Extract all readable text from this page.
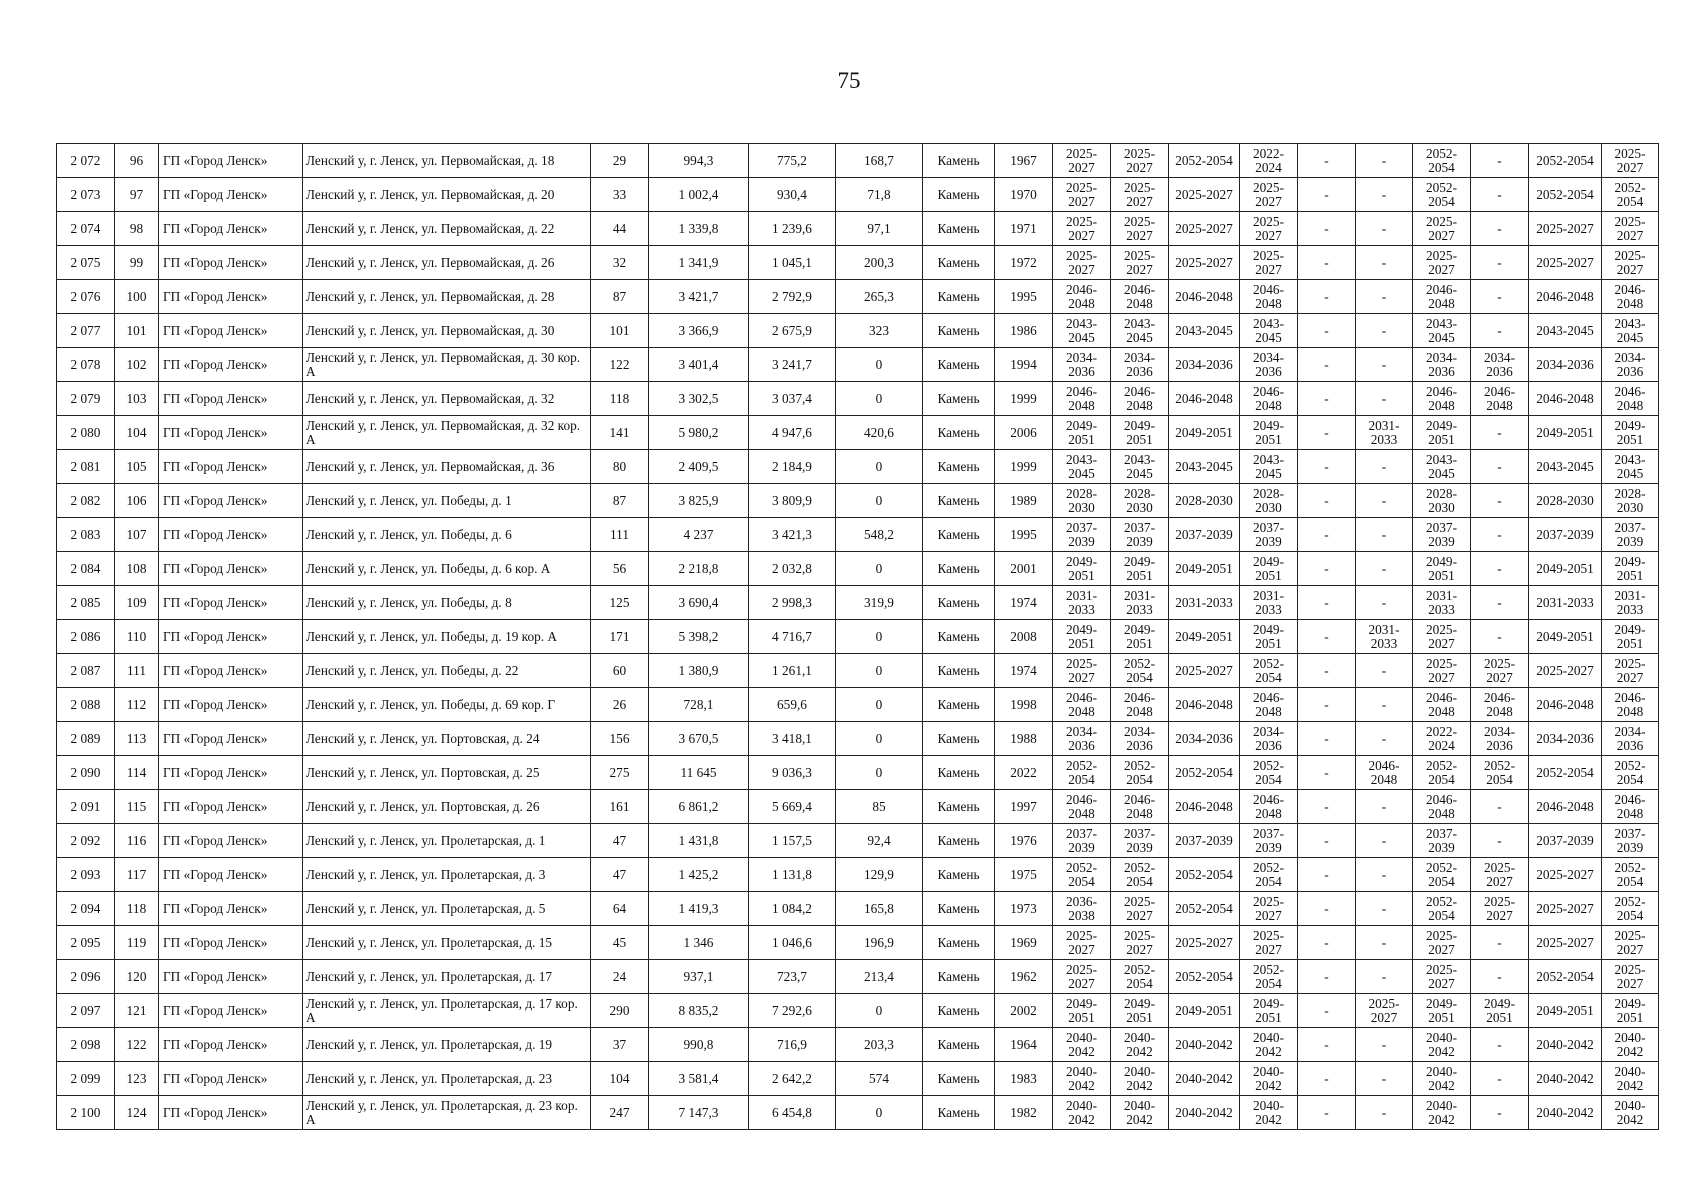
75
2 072	96	ГП «Город Ленск»	Ленский у, г. Ленск, ул. Первомайская, д. 18	29	994,3	775,2	168,7	Камень	1967	2025-2027	2025-2027	2052-2054	2022-2024	-	-	2052-2054	-	2052-2054	2025-2027
2 073	97	ГП «Город Ленск»	Ленский у, г. Ленск, ул. Первомайская, д. 20	33	1 002,4	930,4	71,8	Камень	1970	2025-2027	2025-2027	2025-2027	2025-2027	-	-	2052-2054	-	2052-2054	2052-2054
2 074	98	ГП «Город Ленск»	Ленский у, г. Ленск, ул. Первомайская, д. 22	44	1 339,8	1 239,6	97,1	Камень	1971	2025-2027	2025-2027	2025-2027	2025-2027	-	-	2025-2027	-	2025-2027	2025-2027
2 075	99	ГП «Город Ленск»	Ленский у, г. Ленск, ул. Первомайская, д. 26	32	1 341,9	1 045,1	200,3	Камень	1972	2025-2027	2025-2027	2025-2027	2025-2027	-	-	2025-2027	-	2025-2027	2025-2027
2 076	100	ГП «Город Ленск»	Ленский у, г. Ленск, ул. Первомайская, д. 28	87	3 421,7	2 792,9	265,3	Камень	1995	2046-2048	2046-2048	2046-2048	2046-2048	-	-	2046-2048	-	2046-2048	2046-2048
2 077	101	ГП «Город Ленск»	Ленский у, г. Ленск, ул. Первомайская, д. 30	101	3 366,9	2 675,9	323	Камень	1986	2043-2045	2043-2045	2043-2045	2043-2045	-	-	2043-2045	-	2043-2045	2043-2045
2 078	102	ГП «Город Ленск»	Ленский у, г. Ленск, ул. Первомайская, д. 30 кор. А	122	3 401,4	3 241,7	0	Камень	1994	2034-2036	2034-2036	2034-2036	2034-2036	-	-	2034-2036	2034-2036	2034-2036	2034-2036
2 079	103	ГП «Город Ленск»	Ленский у, г. Ленск, ул. Первомайская, д. 32	118	3 302,5	3 037,4	0	Камень	1999	2046-2048	2046-2048	2046-2048	2046-2048	-	-	2046-2048	2046-2048	2046-2048	2046-2048
2 080	104	ГП «Город Ленск»	Ленский у, г. Ленск, ул. Первомайская, д. 32 кор. А	141	5 980,2	4 947,6	420,6	Камень	2006	2049-2051	2049-2051	2049-2051	2049-2051	-	2031-2033	2049-2051	-	2049-2051	2049-2051
2 081	105	ГП «Город Ленск»	Ленский у, г. Ленск, ул. Первомайская, д. 36	80	2 409,5	2 184,9	0	Камень	1999	2043-2045	2043-2045	2043-2045	2043-2045	-	-	2043-2045	-	2043-2045	2043-2045
2 082	106	ГП «Город Ленск»	Ленский у, г. Ленск, ул. Победы, д. 1	87	3 825,9	3 809,9	0	Камень	1989	2028-2030	2028-2030	2028-2030	2028-2030	-	-	2028-2030	-	2028-2030	2028-2030
2 083	107	ГП «Город Ленск»	Ленский у, г. Ленск, ул. Победы, д. 6	111	4 237	3 421,3	548,2	Камень	1995	2037-2039	2037-2039	2037-2039	2037-2039	-	-	2037-2039	-	2037-2039	2037-2039
2 084	108	ГП «Город Ленск»	Ленский у, г. Ленск, ул. Победы, д. 6 кор. А	56	2 218,8	2 032,8	0	Камень	2001	2049-2051	2049-2051	2049-2051	2049-2051	-	-	2049-2051	-	2049-2051	2049-2051
2 085	109	ГП «Город Ленск»	Ленский у, г. Ленск, ул. Победы, д. 8	125	3 690,4	2 998,3	319,9	Камень	1974	2031-2033	2031-2033	2031-2033	2031-2033	-	-	2031-2033	-	2031-2033	2031-2033
2 086	110	ГП «Город Ленск»	Ленский у, г. Ленск, ул. Победы, д. 19 кор. А	171	5 398,2	4 716,7	0	Камень	2008	2049-2051	2049-2051	2049-2051	2049-2051	-	2031-2033	2025-2027	-	2049-2051	2049-2051
2 087	111	ГП «Город Ленск»	Ленский у, г. Ленск, ул. Победы, д. 22	60	1 380,9	1 261,1	0	Камень	1974	2025-2027	2052-2054	2025-2027	2052-2054	-	-	2025-2027	2025-2027	2025-2027	2025-2027
2 088	112	ГП «Город Ленск»	Ленский у, г. Ленск, ул. Победы, д. 69 кор. Г	26	728,1	659,6	0	Камень	1998	2046-2048	2046-2048	2046-2048	2046-2048	-	-	2046-2048	2046-2048	2046-2048	2046-2048
2 089	113	ГП «Город Ленск»	Ленский у, г. Ленск, ул. Портовская, д. 24	156	3 670,5	3 418,1	0	Камень	1988	2034-2036	2034-2036	2034-2036	2034-2036	-	-	2022-2024	2034-2036	2034-2036	2034-2036
2 090	114	ГП «Город Ленск»	Ленский у, г. Ленск, ул. Портовская, д. 25	275	11 645	9 036,3	0	Камень	2022	2052-2054	2052-2054	2052-2054	2052-2054	-	2046-2048	2052-2054	2052-2054	2052-2054	2052-2054
2 091	115	ГП «Город Ленск»	Ленский у, г. Ленск, ул. Портовская, д. 26	161	6 861,2	5 669,4	85	Камень	1997	2046-2048	2046-2048	2046-2048	2046-2048	-	-	2046-2048	-	2046-2048	2046-2048
2 092	116	ГП «Город Ленск»	Ленский у, г. Ленск, ул. Пролетарская, д. 1	47	1 431,8	1 157,5	92,4	Камень	1976	2037-2039	2037-2039	2037-2039	2037-2039	-	-	2037-2039	-	2037-2039	2037-2039
2 093	117	ГП «Город Ленск»	Ленский у, г. Ленск, ул. Пролетарская, д. 3	47	1 425,2	1 131,8	129,9	Камень	1975	2052-2054	2052-2054	2052-2054	2052-2054	-	-	2052-2054	2025-2027	2025-2027	2052-2054
2 094	118	ГП «Город Ленск»	Ленский у, г. Ленск, ул. Пролетарская, д. 5	64	1 419,3	1 084,2	165,8	Камень	1973	2036-2038	2025-2027	2052-2054	2025-2027	-	-	2052-2054	2025-2027	2025-2027	2052-2054
2 095	119	ГП «Город Ленск»	Ленский у, г. Ленск, ул. Пролетарская, д. 15	45	1 346	1 046,6	196,9	Камень	1969	2025-2027	2025-2027	2025-2027	2025-2027	-	-	2025-2027	-	2025-2027	2025-2027
2 096	120	ГП «Город Ленск»	Ленский у, г. Ленск, ул. Пролетарская, д. 17	24	937,1	723,7	213,4	Камень	1962	2025-2027	2052-2054	2052-2054	2052-2054	-	-	2025-2027	-	2052-2054	2025-2027
2 097	121	ГП «Город Ленск»	Ленский у, г. Ленск, ул. Пролетарская, д. 17 кор. А	290	8 835,2	7 292,6	0	Камень	2002	2049-2051	2049-2051	2049-2051	2049-2051	-	2025-2027	2049-2051	2049-2051	2049-2051	2049-2051
2 098	122	ГП «Город Ленск»	Ленский у, г. Ленск, ул. Пролетарская, д. 19	37	990,8	716,9	203,3	Камень	1964	2040-2042	2040-2042	2040-2042	2040-2042	-	-	2040-2042	-	2040-2042	2040-2042
2 099	123	ГП «Город Ленск»	Ленский у, г. Ленск, ул. Пролетарская, д. 23	104	3 581,4	2 642,2	574	Камень	1983	2040-2042	2040-2042	2040-2042	2040-2042	-	-	2040-2042	-	2040-2042	2040-2042
2 100	124	ГП «Город Ленск»	Ленский у, г. Ленск, ул. Пролетарская, д. 23 кор. А	247	7 147,3	6 454,8	0	Камень	1982	2040-2042	2040-2042	2040-2042	2040-2042	-	-	2040-2042	-	2040-2042	2040-2042
